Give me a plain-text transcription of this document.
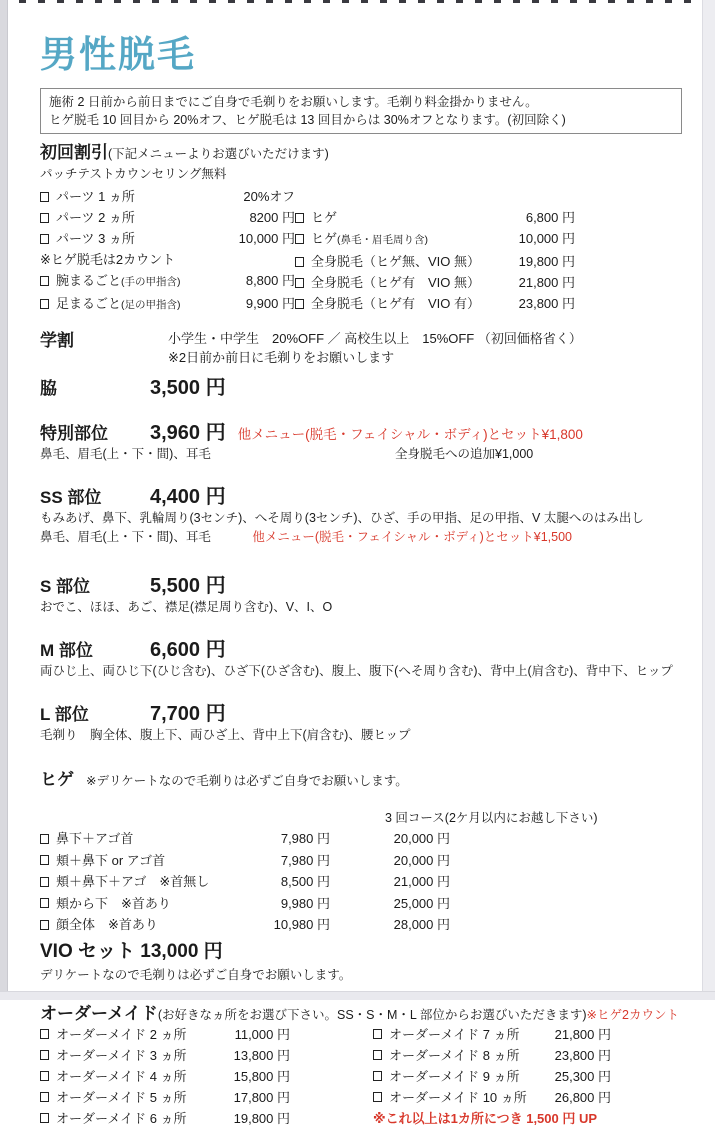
男性脱毛
施術 2 日前から前日までにご自身で毛剃りをお願いします。毛剃り料金掛かりません。
ヒゲ脱毛 10 回目から 20%オフ、ヒゲ脱毛は 13 回目からは 30%オフとなります。(初回除く)
初回割引 (下記メニューよりお選びいただけます)
パッチテストカウンセリング無料
パーツ 1 ヵ所	20%オフ
パーツ 2 ヵ所	8200 円
パーツ 3 ヵ所	10,000 円
※ヒゲ脱毛は2カウント
腕まるごと(手の甲指含)	8,800 円
足まるごと(足の甲指含)	9,900 円
ヒゲ	6,800 円
ヒゲ(鼻毛・眉毛周り含)	10,000 円
全身脱毛（ヒゲ無、VIO 無）	19,800 円
全身脱毛（ヒゲ有　VIO 無）	21,800 円
全身脱毛（ヒゲ有　VIO 有）	23,800 円
学割	小学生・中学生　20%OFF ／ 高校生以上　15%OFF （初回価格省く）
※2日前か前日に毛剃りをお願いします
脇	3,500 円
特別部位	3,960 円 他メニュー(脱毛・フェイシャル・ボディ)とセット¥1,800
鼻毛、眉毛(上・下・間)、耳毛	全身脱毛への追加¥1,000
SS 部位	4,400 円
もみあげ、鼻下、乳輪周り(3センチ)、へそ周り(3センチ)、ひざ、手の甲指、足の甲指、V 太腿へのはみ出し
鼻毛、眉毛(上・下・間)、耳毛	他メニュー(脱毛・フェイシャル・ボディ)とセット¥1,500
S 部位	5,500 円
おでこ、ほほ、あご、襟足(襟足周り含む)、V、I、O
M 部位	6,600 円
両ひじ上、両ひじ下(ひじ含む)、ひざ下(ひざ含む)、腹上、腹下(へそ周り含む)、背中上(肩含む)、背中下、ヒップ
L 部位	7,700 円
毛剃り　胸全体、腹上下、両ひざ上、背中上下(肩含む)、腰ヒップ
ヒゲ ※デリケートなので毛剃りは必ずご自身でお願いします。
3 回コース(2ケ月以内にお越し下さい)
鼻下＋アゴ首	7,980 円	20,000 円
頬＋鼻下 or アゴ首	7,980 円	20,000 円
頬＋鼻下＋アゴ　※首無し	8,500 円	21,000 円
頬から下　※首あり	9,980 円	25,000 円
顔全体　※首あり	10,980 円	28,000 円
VIO セット 13,000 円
デリケートなので毛剃りは必ずご自身でお願いします。
オーダーメイド(お好きなヵ所をお選び下さい。SS・S・M・L 部位からお選びいただきます)※ヒゲ2カウント
オーダーメイド 2 ヵ所	11,000 円
オーダーメイド 3 ヵ所	13,800 円
オーダーメイド 4 ヵ所	15,800 円
オーダーメイド 5 ヵ所	17,800 円
オーダーメイド 6 ヵ所	19,800 円
オーダーメイド 7 ヵ所	21,800 円
オーダーメイド 8 ヵ所	23,800 円
オーダーメイド 9 ヵ所	25,300 円
オーダーメイド 10 ヵ所	26,800 円
※これ以上は1カ所につき 1,500 円 UP
